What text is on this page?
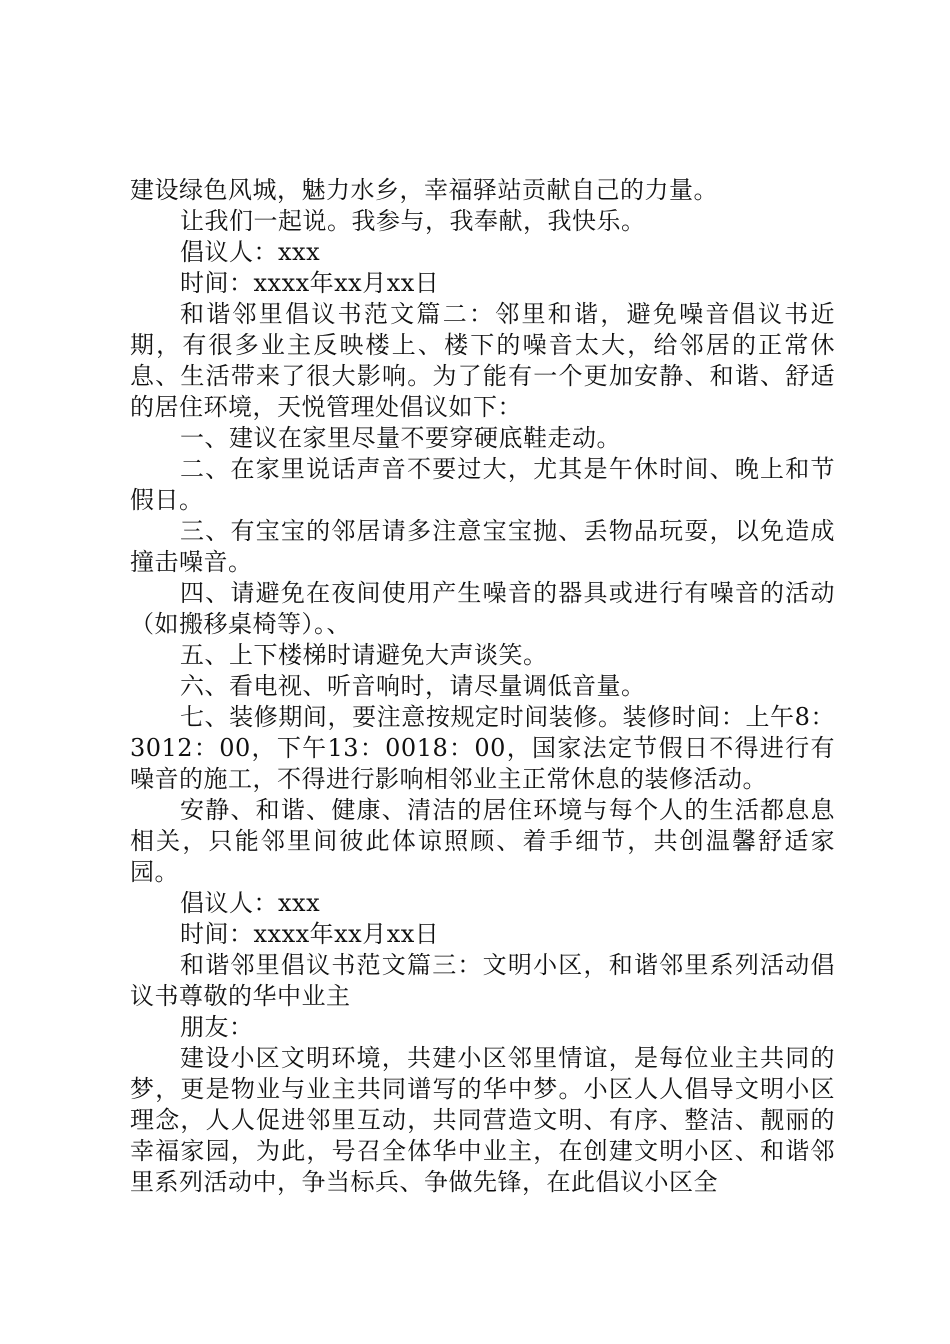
建设绿色风城，魅力水乡，幸福驿站贡献自己的力量。

让我们一起说。我参与，我奉献，我快乐。

倡议人：xxx

时间：xxxx年xx月xx日

和谐邻里倡议书范文篇二：邻里和谐，避免噪音倡议书近期，有很多业主反映楼上、楼下的噪音太大，给邻居的正常休息、生活带来了很大影响。为了能有一个更加安静、和谐、舒适的居住环境，天悦管理处倡议如下：

一、建议在家里尽量不要穿硬底鞋走动。

二、在家里说话声音不要过大，尤其是午休时间、晚上和节假日。

三、有宝宝的邻居请多注意宝宝抛、丢物品玩耍，以免造成撞击噪音。

四、请避免在夜间使用产生噪音的器具或进行有噪音的活动（如搬移桌椅等）。、

五、上下楼梯时请避免大声谈笑。

六、看电视、听音响时，请尽量调低音量。

七、装修期间，要注意按规定时间装修。装修时间：上午8：3012：00，下午13：0018：00，国家法定节假日不得进行有噪音的施工，不得进行影响相邻业主正常休息的装修活动。

安静、和谐、健康、清洁的居住环境与每个人的生活都息息相关，只能邻里间彼此体谅照顾、着手细节，共创温馨舒适家园。

倡议人：xxx

时间：xxxx年xx月xx日

和谐邻里倡议书范文篇三：文明小区，和谐邻里系列活动倡议书尊敬的华中业主

朋友：

建设小区文明环境，共建小区邻里情谊，是每位业主共同的梦，更是物业与业主共同谱写的华中梦。小区人人倡导文明小区理念，人人促进邻里互动，共同营造文明、有序、整洁、靓丽的幸福家园，为此，号召全体华中业主，在创建文明小区、和谐邻里系列活动中，争当标兵、争做先锋，在此倡议小区全
